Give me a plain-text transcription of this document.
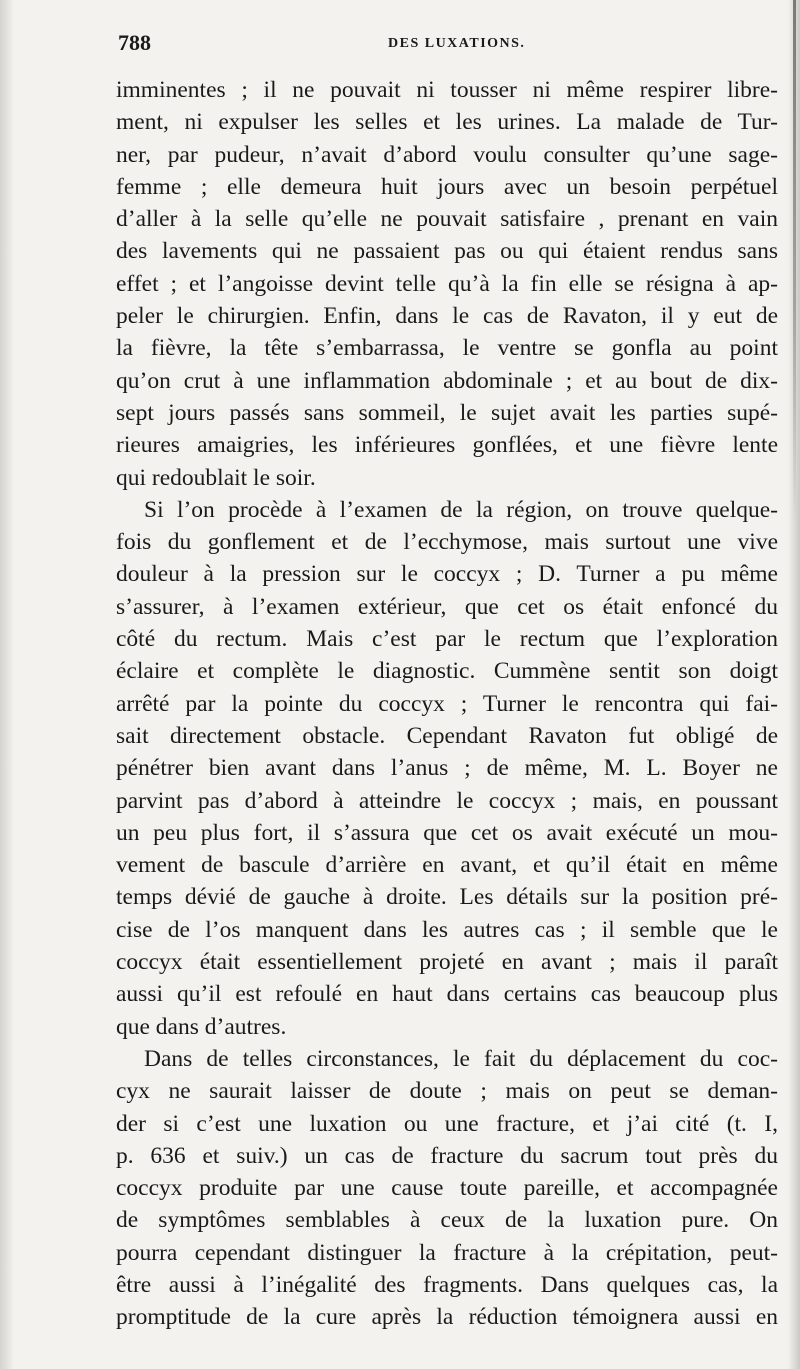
788	DES LUXATIONS.
imminentes ; il ne pouvait ni tousser ni même respirer libre-
ment, ni expulser les selles et les urines. La malade de Tur-
ner, par pudeur, n’avait d’abord voulu consulter qu’une sage-
femme ; elle demeura huit jours avec un besoin perpétuel
d’aller à la selle qu’elle ne pouvait satisfaire , prenant en vain
des lavements qui ne passaient pas ou qui étaient rendus sans
effet ; et l’angoisse devint telle qu’à la fin elle se résigna à ap-
peler le chirurgien. Enfin, dans le cas de Ravaton, il y eut de
la fièvre, la tête s’embarrassa, le ventre se gonfla au point
qu’on crut à une inflammation abdominale ; et au bout de dix-
sept jours passés sans sommeil, le sujet avait les parties supé-
rieures amaigries, les inférieures gonflées, et une fièvre lente
qui redoublait le soir.
Si l’on procède à l’examen de la région, on trouve quelque-
fois du gonflement et de l’ecchymose, mais surtout une vive
douleur à la pression sur le coccyx ; D. Turner a pu même
s’assurer, à l’examen extérieur, que cet os était enfoncé du
côté du rectum. Mais c’est par le rectum que l’exploration
éclaire et complète le diagnostic. Cummène sentit son doigt
arrêté par la pointe du coccyx ; Turner le rencontra qui fai-
sait directement obstacle. Cependant Ravaton fut obligé de
pénétrer bien avant dans l’anus ; de même, M. L. Boyer ne
parvint pas d’abord à atteindre le coccyx ; mais, en poussant
un peu plus fort, il s’assura que cet os avait exécuté un mou-
vement de bascule d’arrière en avant, et qu’il était en même
temps dévié de gauche à droite. Les détails sur la position pré-
cise de l’os manquent dans les autres cas ; il semble que le
coccyx était essentiellement projeté en avant ; mais il paraît
aussi qu’il est refoulé en haut dans certains cas beaucoup plus
que dans d’autres.
Dans de telles circonstances, le fait du déplacement du coc-
cyx ne saurait laisser de doute ; mais on peut se deman-
der si c’est une luxation ou une fracture, et j’ai cité (t. I,
p. 636 et suiv.) un cas de fracture du sacrum tout près du
coccyx produite par une cause toute pareille, et accompagnée
de symptômes semblables à ceux de la luxation pure. On
pourra cependant distinguer la fracture à la crépitation, peut-
être aussi à l’inégalité des fragments. Dans quelques cas, la
promptitude de la cure après la réduction témoignera aussi en
